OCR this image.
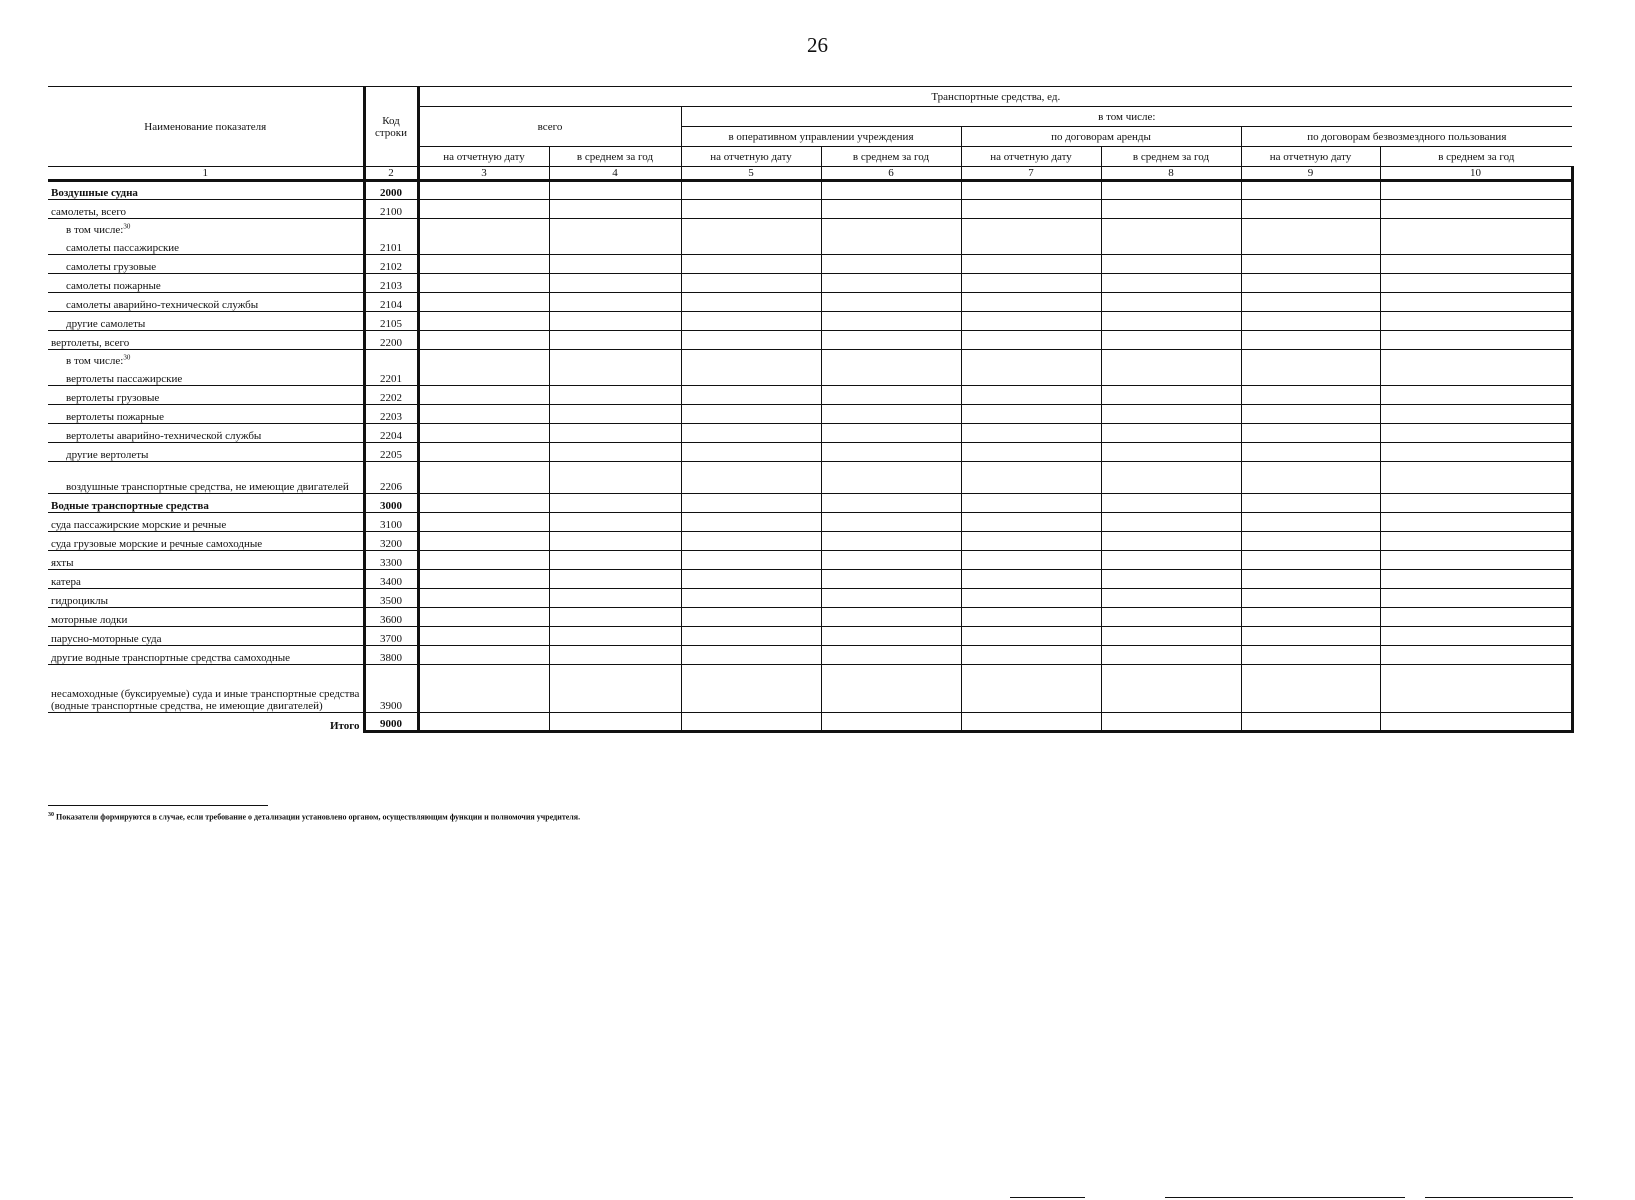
26
Наименование показателя	Код строки	Транспортные средства, ед.							
		всего		в том числе:					
				в оперативном управлении учреждения		по договорам аренды		по договорам безвозмездного пользования	
		на отчетную дату	в среднем за год	на отчетную дату	в среднем за год	на отчетную дату	в среднем за год	на отчетную дату	в среднем за год
1	2	3	4	5	6	7	8	9	10
Воздушные судна	2000								
самолеты, всего	2100								

в том числе:$^{30}$
самолеты пассажирские	2101								
самолеты грузовые	2102								
самолеты пожарные	2103								
самолеты аварийно-технической службы	2104								
другие самолеты	2105								
вертолеты, всего	2200								

в том числе:$^{30}$
вертолеты пассажирские	2201								
вертолеты грузовые	2202								
вертолеты пожарные	2203								
вертолеты аварийно-технической службы	2204								
другие вертолеты	2205								
воздушные транспортные средства, не имеющие двигателей	2206								
Водные транспортные средства	3000								
суда пассажирские морские и речные	3100								
суда грузовые морские и речные самоходные	3200								
яхты	3300								
катера	3400								
гидроциклы	3500								
моторные лодки	3600								
парусно-моторные суда	3700								
другие водные транспортные средства самоходные	3800								
несамоходные (буксируемые) суда и иные транспортные средства (водные транспортные средства, не имеющие двигателей)	3900								
Итого	9000								
$^{30}$ Показатели формируются в случае, если требование о детализации установлено органом, осуществляющим функции и полномочия учредителя.
